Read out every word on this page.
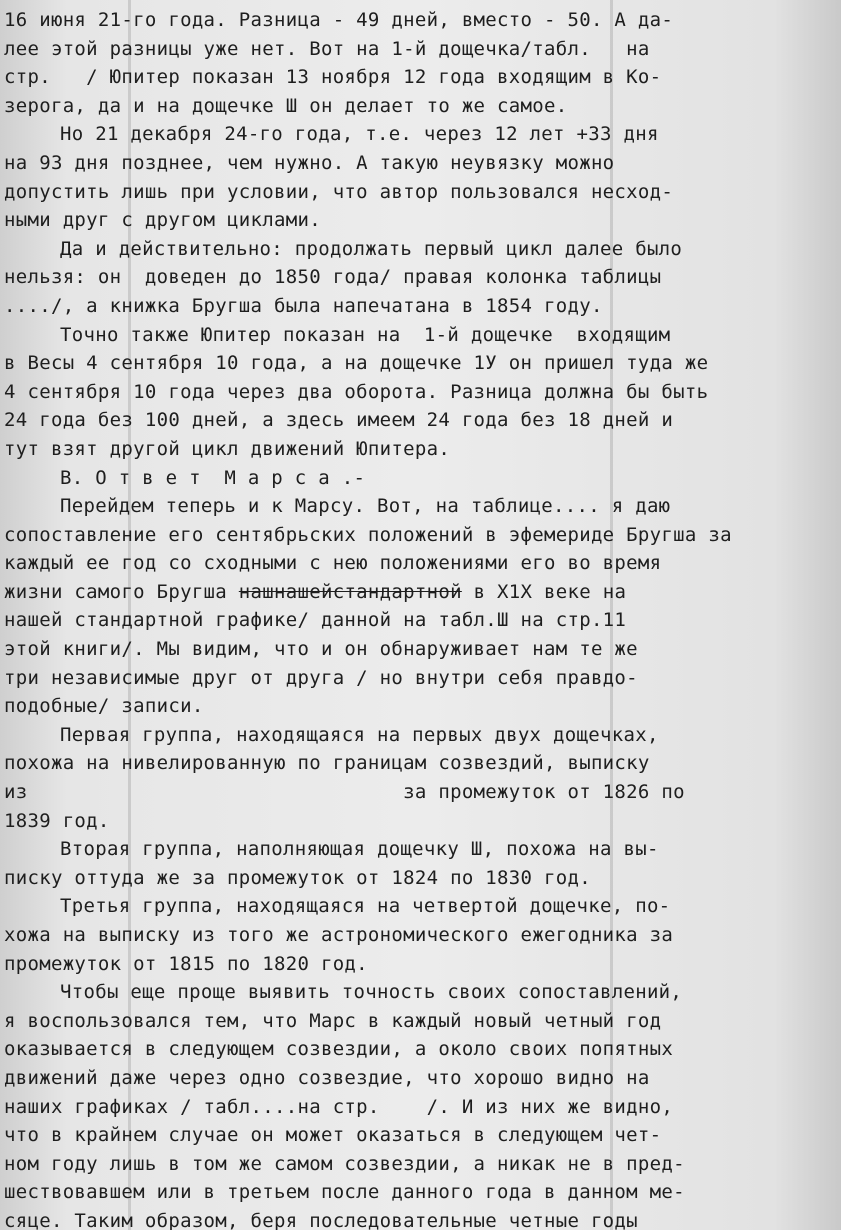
16 июня 21-го года. Разница - 49 дней, вместо - 50. А да-
лее этой разницы уже нет. Вот на 1-й дощечка/табл.   на
стр.   / Юпитер показан 13 ноября 12 года входящим в Ко-
зерога, да и на дощечке Ш он делает то же самое.
Но 21 декабря 24-го года, т.е. через 12 лет +33 дня
на 93 дня позднее, чем нужно. А такую неувязку можно
допустить лишь при условии, что автор пользовался несход-
ными друг с другом циклами.
Да и действительно: продолжать первый цикл далее было
нельзя: он  доведен до 1850 года/ правая колонка таблицы
..../, а книжка Бругша была напечатана в 1854 году.
Точно также Юпитер показан на  1-й дощечке  входящим
в Весы 4 сентября 10 года, а на дощечке 1У он пришел туда же
4 сентября 10 года через два оборота. Разница должна бы быть
24 года без 100 дней, а здесь имеем 24 года без 18 дней и
тут взят другой цикл движений Юпитера.
В. О т в е т  М а р с а .-
Перейдем теперь и к Марсу. Вот, на таблице.... я даю
сопоставление его сентябрьских положений в эфемериде Бругша за
каждый ее год со сходными с нею положениями его во время
жизни самого Бругша нашнашейстандартной в Х1Х веке на
нашей стандартной графике/ данной на табл.Ш на стр.11
этой книги/. Мы видим, что и он обнаруживает нам те же
три независимые друг от друга / но внутри себя правдо-
подобные/ записи.
Первая группа, находящаяся на первых двух дощечках,
похожа на нивелированную по границам созвездий, выписку
из                                за промежуток от 1826 по
1839 год.
Вторая группа, наполняющая дощечку Ш, похожа на вы-
писку оттуда же за промежуток от 1824 по 1830 год.
Третья группа, находящаяся на четвертой дощечке, по-
хожа на выписку из того же астрономического ежегодника за
промежуток от 1815 по 1820 год.
Чтобы еще проще выявить точность своих сопоставлений,
я воспользовался тем, что Марс в каждый новый четный год
оказывается в следующем созвездии, а около своих попятных
движений даже через одно созвездие, что хорошо видно на
наших графиках / табл....на стр.    /. И из них же видно,
что в крайнем случае он может оказаться в следующем чет-
ном году лишь в том же самом созвездии, а никак не в пред-
шествовавшем или в третьем после данного года в данном ме-
сяце. Таким образом, беря последовательные четные годы
